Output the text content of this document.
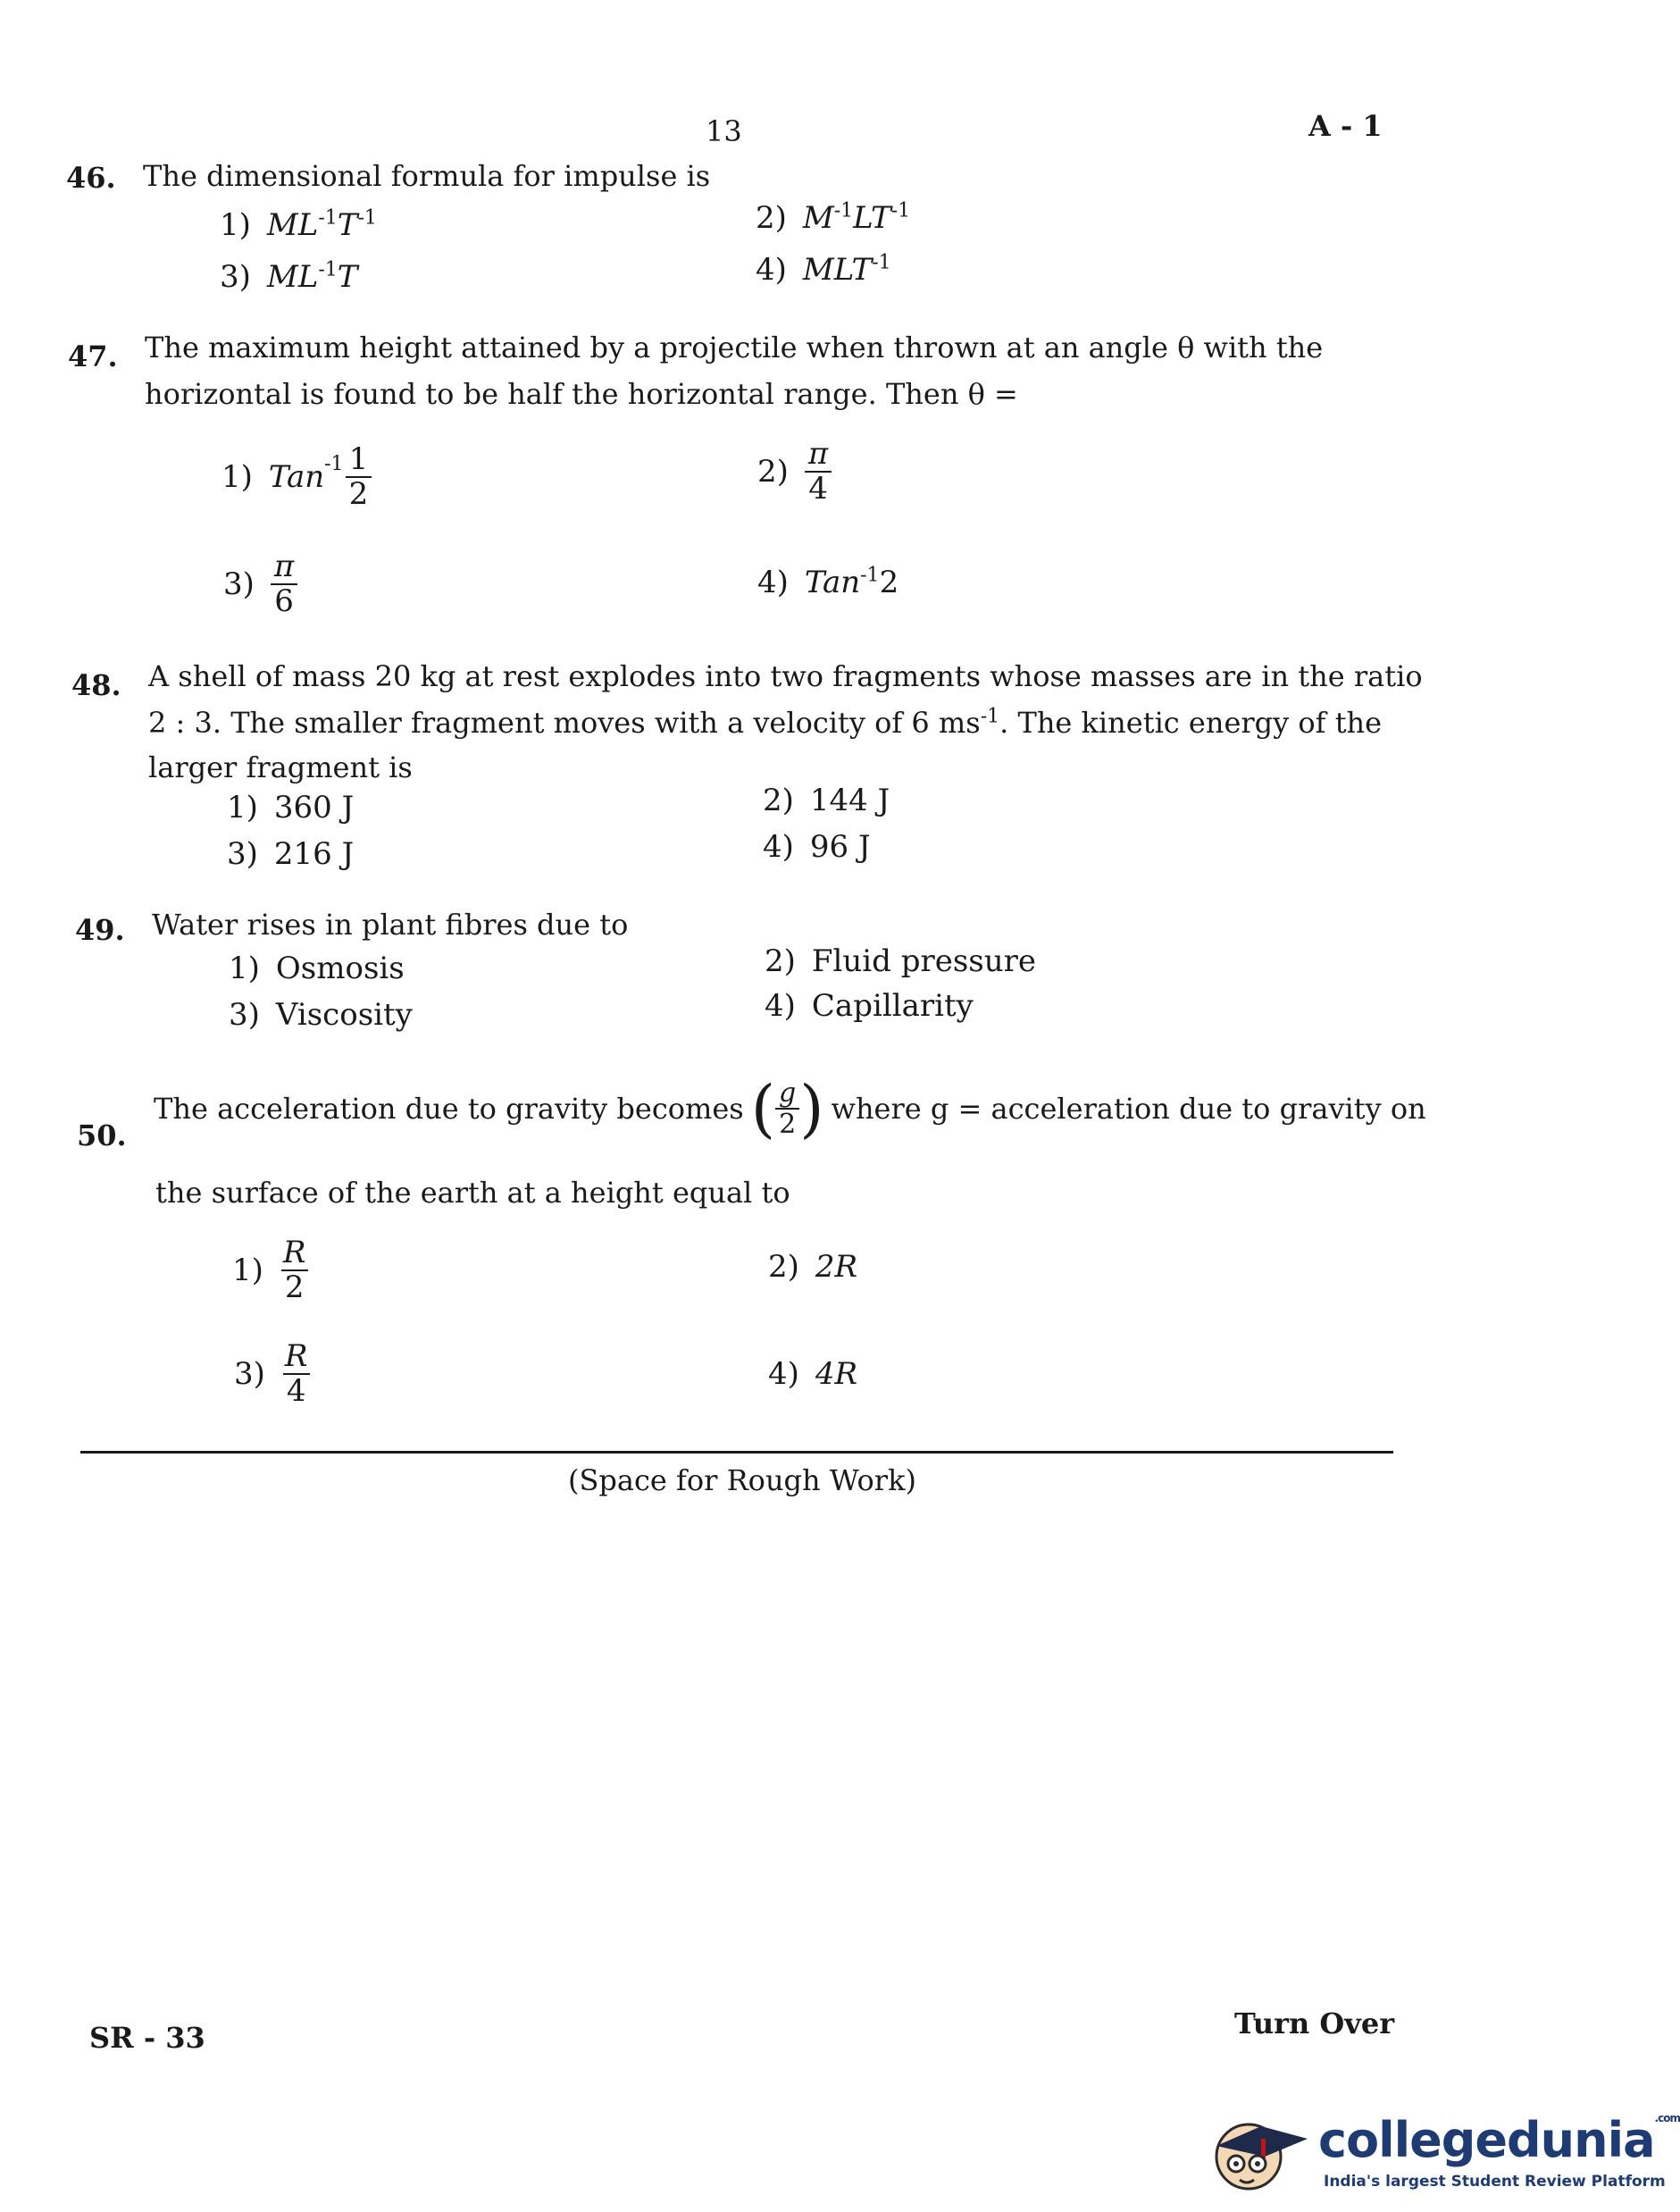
13	A - 1
46. The dimensional formula for impulse is
1) $ML^{-1}T^{-1}$	2) $M^{-1}LT^{-1}$
3) $ML^{-1}T$	4) $MLT^{-1}$
47. The maximum height attained by a projectile when thrown at an angle θ with the
horizontal is found to be half the horizontal range. Then θ =
1) Tan $-1 \frac{1}{2}$	$2) \frac{\pi}{4}$
$3) \frac{\pi}{6}$	4) Tan$^{-1}$2
48. A shell of mass 20 kg at rest explodes into two fragments whose masses are in the ratio
2 : 3. The smaller fragment moves with a velocity of 6 $ms^{-1}$. The kinetic energy of the
larger fragment is
1) 360 J	2) 144 J
3) 216 J	4) 96 J
49. Water rises in plant fibres due to
1) Osmosis	2) Fluid pressure
3) Viscosity	4) Capillarity
50.
The acceleration due to gravity becomes ( $\frac{g}{2}$ ) where g = acceleration due to gravity on
the surface of the earth at a height equal to
$1) \frac{R}{2}$	2) 2R
$3) \frac{R}{4}$	4) 4R
(Space for Rough Work)
SR - 33	Turn Over
collegedunia$^{.com}$
India's largest Student Review Platform
